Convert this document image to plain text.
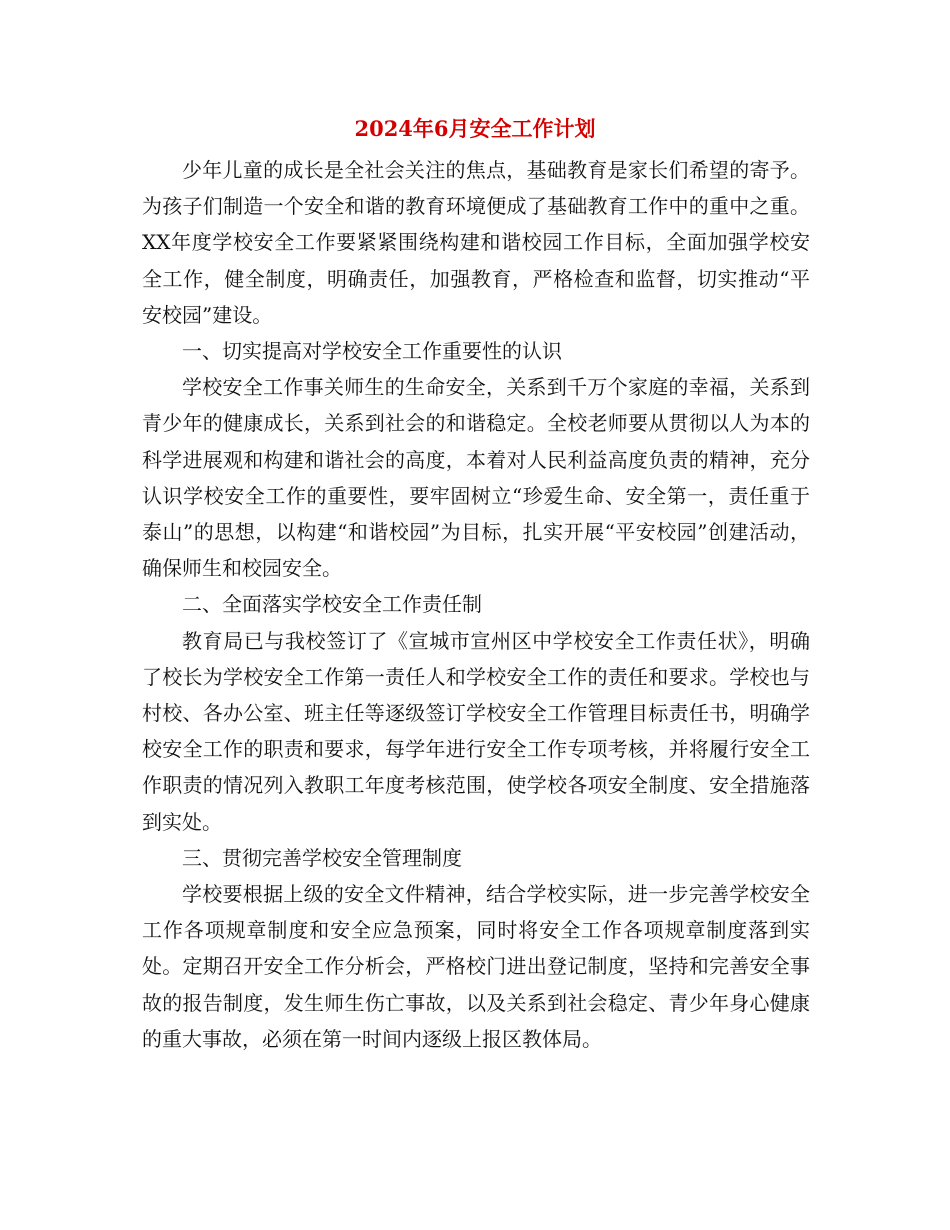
2024年6月安全工作计划

少年儿童的成长是全社会关注的焦点，基础教育是家长们希望的寄予。为孩子们制造一个安全和谐的教育环境便成了基础教育工作中的重中之重。XX年度学校安全工作要紧紧围绕构建和谐校园工作目标，全面加强学校安全工作，健全制度，明确责任，加强教育，严格检查和监督，切实推动“平安校园”建设。

一、切实提高对学校安全工作重要性的认识

学校安全工作事关师生的生命安全，关系到千万个家庭的幸福，关系到青少年的健康成长，关系到社会的和谐稳定。全校老师要从贯彻以人为本的科学进展观和构建和谐社会的高度，本着对人民利益高度负责的精神，充分认识学校安全工作的重要性，要牢固树立“珍爱生命、安全第一，责任重于泰山”的思想，以构建“和谐校园”为目标，扎实开展“平安校园”创建活动，确保师生和校园安全。

二、全面落实学校安全工作责任制

教育局已与我校签订了《宣城市宣州区中学校安全工作责任状》，明确了校长为学校安全工作第一责任人和学校安全工作的责任和要求。学校也与村校、各办公室、班主任等逐级签订学校安全工作管理目标责任书，明确学校安全工作的职责和要求，每学年进行安全工作专项考核，并将履行安全工作职责的情况列入教职工年度考核范围，使学校各项安全制度、安全措施落到实处。

三、贯彻完善学校安全管理制度

学校要根据上级的安全文件精神，结合学校实际，进一步完善学校安全工作各项规章制度和安全应急预案，同时将安全工作各项规章制度落到实处。定期召开安全工作分析会，严格校门进出登记制度，坚持和完善安全事故的报告制度，发生师生伤亡事故，以及关系到社会稳定、青少年身心健康的重大事故，必须在第一时间内逐级上报区教体局。
